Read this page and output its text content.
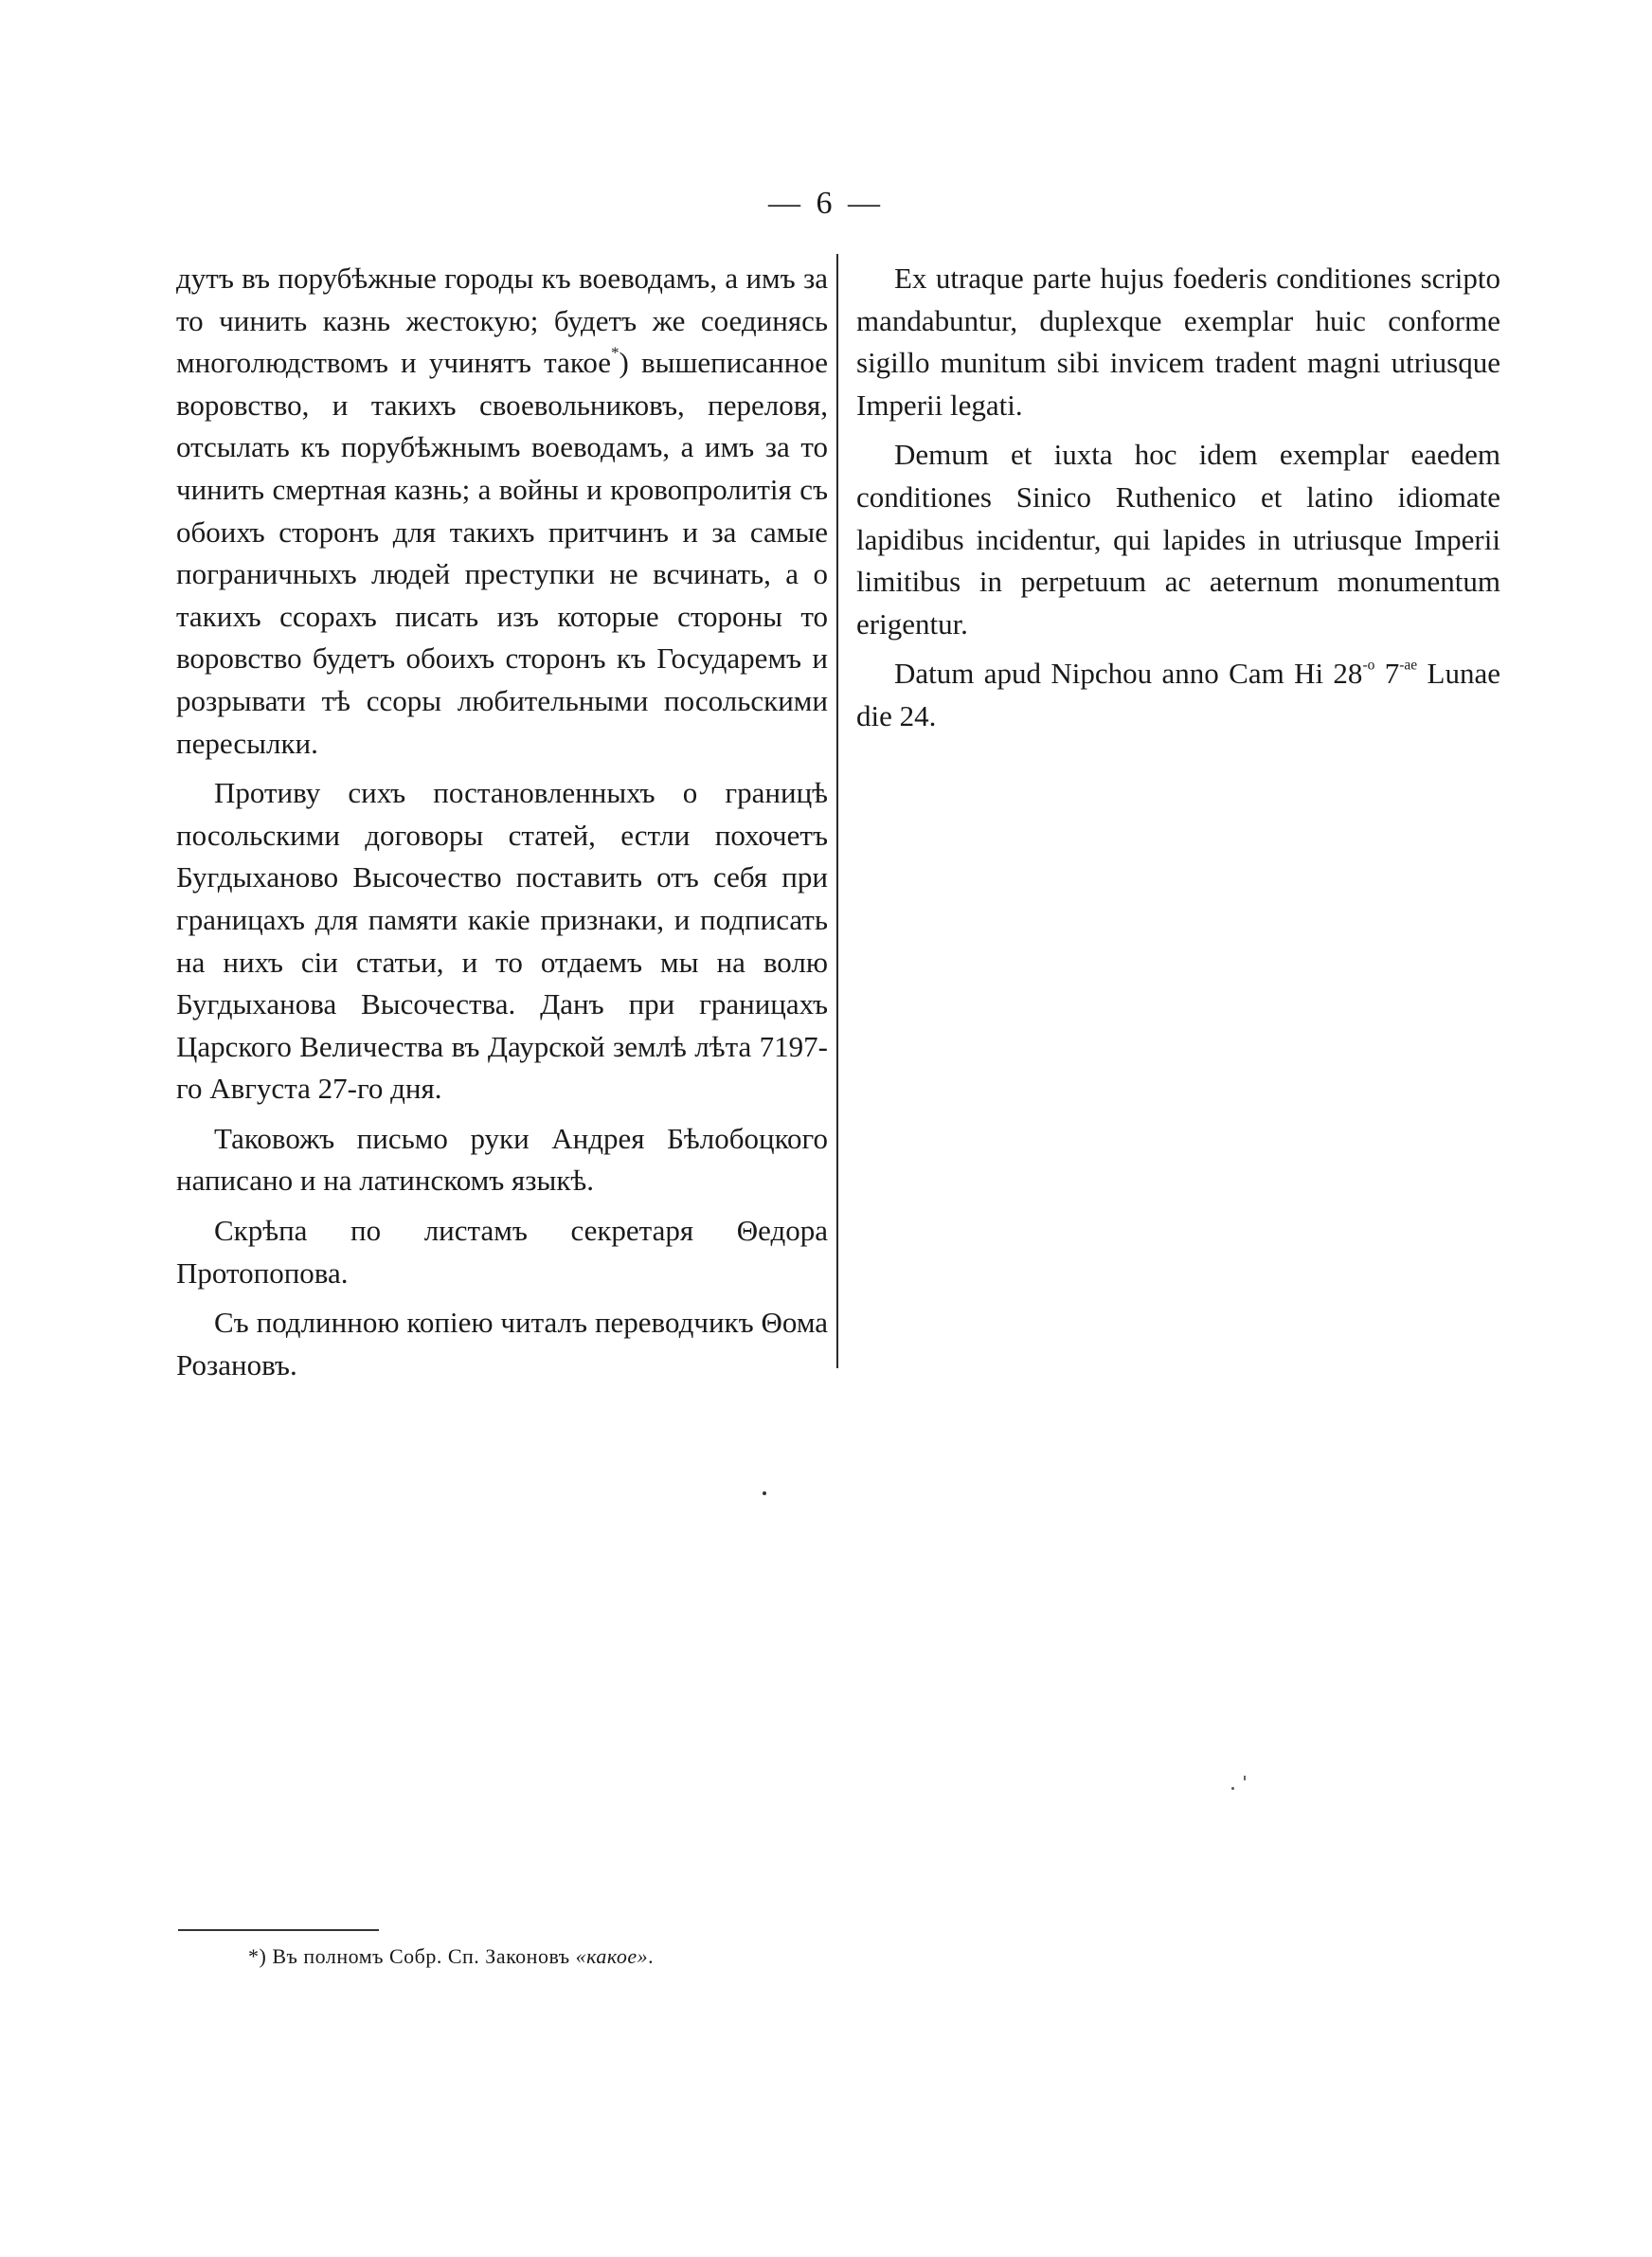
— 6 —

дутъ въ порубѣжные городы къ воеводамъ, а имъ за то чинить казнь жестокую; будетъ же соединясь многолюдствомъ и учинятъ такое*) вышеписанное воровство, и такихъ своевольниковъ, переловя, отсылать къ порубѣжнымъ воеводамъ, а имъ за то чинить смертная казнь; а войны и кровопролитія съ обоихъ сторонъ для такихъ притчинъ и за самые пограничныхъ людей преступки не всчинать, а о такихъ ссорахъ писать изъ которые стороны то воровство будетъ обоихъ сторонъ къ Государемъ и розрывати тѣ ссоры любительными посольскими пересылки.

Противу сихъ постановленныхъ о границѣ посольскими договоры статей, естли похочетъ Бугдыханово Высочество поставить отъ себя при границахъ для памяти какіе признаки, и подписать на нихъ сіи статьи, и то отдаемъ мы на волю Бугдыханова Высочества. Данъ при границахъ Царского Величества въ Даурской землѣ лѣта 7197-го Августа 27-го дня.

Таковожъ письмо руки Андрея Бѣлобоцкого написано и на латинскомъ языкѣ.

Скрѣпа по листамъ секретаря Θедора Протопопова.

Съ подлинною копіею читалъ переводчикъ Θома Розановъ.

Ex utraque parte hujus foederis conditiones scripto mandabuntur, duplexque exemplar huic conforme sigillo munitum sibi invicem tradent magni utriusque Imperii legati.

Demum et iuxta hoc idem exemplar eaedem conditiones Sinico Ruthenico et latino idiomate lapidibus incidentur, qui lapides in utriusque Imperii limitibus in perpetuum ac aeternum monumentum erigentur.

Datum apud Nipchou anno Cam Hi $28^{-o}$ $7^{-ae}$ Lunae die 24.

*) Въ полномъ Собр. Сп. Законовъ «какое».
